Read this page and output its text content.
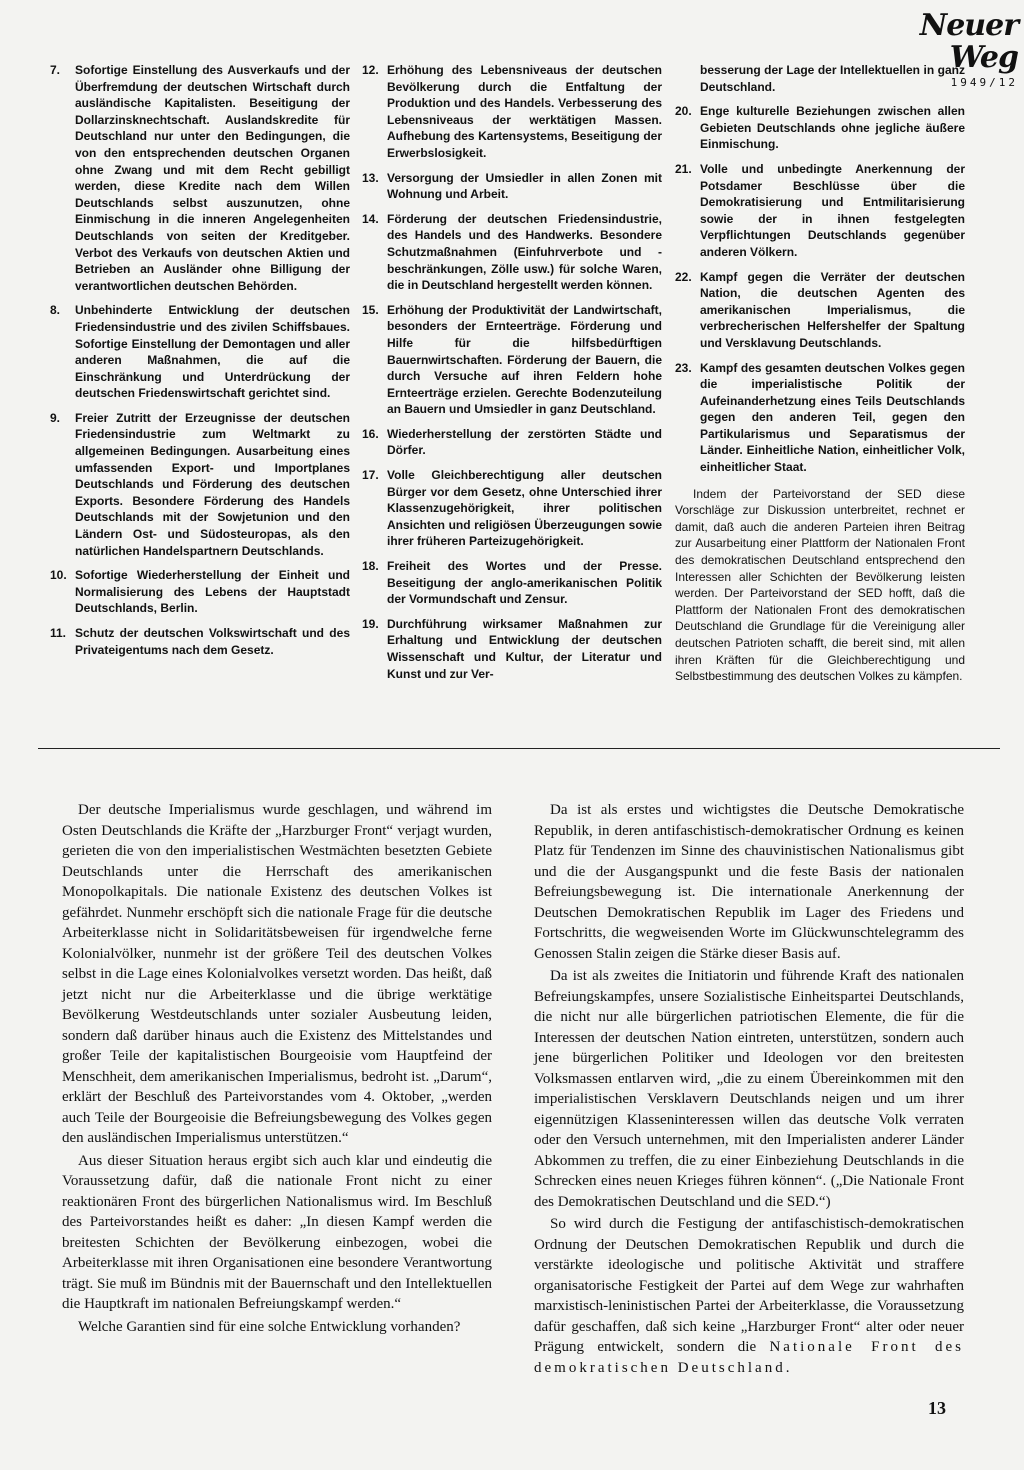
Neuer Weg
1949/12
7.	Sofortige Einstellung des Ausverkaufs und der Überfremdung der deutschen Wirtschaft durch ausländische Kapitalisten. Beseitigung der Dollarzinsknechtschaft. Auslandskredite für Deutschland nur unter den Bedingungen, die von den entsprechenden deutschen Organen ohne Zwang und mit dem Recht gebilligt werden, diese Kredite nach dem Willen Deutschlands selbst auszunutzen, ohne Einmischung in die inneren Angelegenheiten Deutschlands von seiten der Kreditgeber. Verbot des Verkaufs von deutschen Aktien und Betrieben an Ausländer ohne Billigung der verantwortlichen deutschen Behörden.
8.	Unbehinderte Entwicklung der deutschen Friedensindustrie und des zivilen Schiffsbaues. Sofortige Einstellung der Demontagen und aller anderen Maßnahmen, die auf die Einschränkung und Unterdrückung der deutschen Friedenswirtschaft gerichtet sind.
9.	Freier Zutritt der Erzeugnisse der deutschen Friedensindustrie zum Weltmarkt zu allgemeinen Bedingungen. Ausarbeitung eines umfassenden Export- und Importplanes Deutschlands und Förderung des deutschen Exports. Besondere Förderung des Handels Deutschlands mit der Sowjetunion und den Ländern Ost- und Südosteuropas, als den natürlichen Handelspartnern Deutschlands.
10. Sofortige Wiederherstellung der Einheit und Normalisierung des Lebens der Hauptstadt Deutschlands, Berlin.
11. Schutz der deutschen Volkswirtschaft und des Privateigentums nach dem Gesetz.
12. Erhöhung des Lebensniveaus der deutschen Bevölkerung durch die Entfaltung der Produktion und des Handels. Verbesserung des Lebensniveaus der werktätigen Massen. Aufhebung des Kartensystems, Beseitigung der Erwerbslosigkeit.
13. Versorgung der Umsiedler in allen Zonen mit Wohnung und Arbeit.
14. Förderung der deutschen Friedensindustrie, des Handels und des Handwerks. Besondere Schutzmaßnahmen (Einfuhrverbote und -beschränkungen, Zölle usw.) für solche Waren, die in Deutschland hergestellt werden können.
15. Erhöhung der Produktivität der Landwirtschaft, besonders der Ernteerträge. Förderung und Hilfe für die hilfsbedürftigen Bauernwirtschaften. Förderung der Bauern, die durch Versuche auf ihren Feldern hohe Ernteerträge erzielen. Gerechte Bodenzuteilung an Bauern und Umsiedler in ganz Deutschland.
16. Wiederherstellung der zerstörten Städte und Dörfer.
17. Volle Gleichberechtigung aller deutschen Bürger vor dem Gesetz, ohne Unterschied ihrer Klassenzugehörigkeit, ihrer politischen Ansichten und religiösen Überzeugungen sowie ihrer früheren Parteizugehörigkeit.
18. Freiheit des Wortes und der Presse. Beseitigung der anglo-amerikanischen Politik der Vormundschaft und Zensur.
19. Durchführung wirksamer Maßnahmen zur Erhaltung und Entwicklung der deutschen Wissenschaft und Kultur, der Literatur und Kunst und zur Ver-
besserung der Lage der Intellektuellen in ganz Deutschland.
20. Enge kulturelle Beziehungen zwischen allen Gebieten Deutschlands ohne jegliche äußere Einmischung.
21. Volle und unbedingte Anerkennung der Potsdamer Beschlüsse über die Demokratisierung und Entmilitarisierung sowie der in ihnen festgelegten Verpflichtungen Deutschlands gegenüber anderen Völkern.
22. Kampf gegen die Verräter der deutschen Nation, die deutschen Agenten des amerikanischen Imperialismus, die verbrecherischen Helfershelfer der Spaltung und Versklavung Deutschlands.
23. Kampf des gesamten deutschen Volkes gegen die imperialistische Politik der Aufeinanderhetzung eines Teils Deutschlands gegen den anderen Teil, gegen den Partikularismus und Separatismus der Länder. Einheitliche Nation, einheitlicher Volk, einheitlicher Staat.
Indem der Parteivorstand der SED diese Vorschläge zur Diskussion unterbreitet, rechnet er damit, daß auch die anderen Parteien ihren Beitrag zur Ausarbeitung einer Plattform der Nationalen Front des demokratischen Deutschland entsprechend den Interessen aller Schichten der Bevölkerung leisten werden. Der Parteivorstand der SED hofft, daß die Plattform der Nationalen Front des demokratischen Deutschland die Grundlage für die Vereinigung aller deutschen Patrioten schafft, die bereit sind, mit allen ihren Kräften für die Gleichberechtigung und Selbstbestimmung des deutschen Volkes zu kämpfen.

Der deutsche Imperialismus wurde geschlagen, und während im Osten Deutschlands die Kräfte der „Harzburger Front“ verjagt wurden, gerieten die von den imperialistischen Westmächten besetzten Gebiete Deutschlands unter die Herrschaft des amerikanischen Monopolkapitals. Die nationale Existenz des deutschen Volkes ist gefährdet. Nunmehr erschöpft sich die nationale Frage für die deutsche Arbeiterklasse nicht in Solidaritätsbeweisen für irgendwelche ferne Kolonialvölker, nunmehr ist der größere Teil des deutschen Volkes selbst in die Lage eines Kolonialvolkes versetzt worden. Das heißt, daß jetzt nicht nur die Arbeiterklasse und die übrige werktätige Bevölkerung Westdeutschlands unter sozialer Ausbeutung leiden, sondern daß darüber hinaus auch die Existenz des Mittelstandes und großer Teile der kapitalistischen Bourgeoisie vom Hauptfeind der Menschheit, dem amerikanischen Imperialismus, bedroht ist. „Darum“, erklärt der Beschluß des Parteivorstandes vom 4. Oktober, „werden auch Teile der Bourgeoisie die Befreiungsbewegung des Volkes gegen den ausländischen Imperialismus unterstützen.“

Aus dieser Situation heraus ergibt sich auch klar und eindeutig die Voraussetzung dafür, daß die nationale Front nicht zu einer reaktionären Front des bürgerlichen Nationalismus wird. Im Beschluß des Parteivorstandes heißt es daher: „In diesen Kampf werden die breitesten Schichten der Bevölkerung einbezogen, wobei die Arbeiterklasse mit ihren Organisationen eine besondere Verantwortung trägt. Sie muß im Bündnis mit der Bauernschaft und den Intellektuellen die Hauptkraft im nationalen Befreiungskampf werden.“

Welche Garantien sind für eine solche Entwicklung vorhanden?

Da ist als erstes und wichtigstes die Deutsche Demokratische Republik, in deren antifaschistisch-demokratischer Ordnung es keinen Platz für Tendenzen im Sinne des chauvinistischen Nationalismus gibt und die der Ausgangspunkt und die feste Basis der nationalen Befreiungsbewegung ist. Die internationale Anerkennung der Deutschen Demokratischen Republik im Lager des Friedens und Fortschritts, die wegweisenden Worte im Glückwunschtelegramm des Genossen Stalin zeigen die Stärke dieser Basis auf.

Da ist als zweites die Initiatorin und führende Kraft des nationalen Befreiungskampfes, unsere Sozialistische Einheitspartei Deutschlands, die nicht nur alle bürgerlichen patriotischen Elemente, die für die Interessen der deutschen Nation eintreten, unterstützen, sondern auch jene bürgerlichen Politiker und Ideologen vor den breitesten Volksmassen entlarven wird, „die zu einem Übereinkommen mit den imperialistischen Versklavern Deutschlands neigen und um ihrer eigennützigen Klasseninteressen willen das deutsche Volk verraten oder den Versuch unternehmen, mit den Imperialisten anderer Länder Abkommen zu treffen, die zu einer Einbeziehung Deutschlands in die Schrecken eines neuen Krieges führen können“. („Die Nationale Front des Demokratischen Deutschland und die SED.“)

So wird durch die Festigung der antifaschistisch-demokratischen Ordnung der Deutschen Demokratischen Republik und durch die verstärkte ideologische und politische Aktivität und straffere organisatorische Festigkeit der Partei auf dem Wege zur wahrhaften marxistisch-leninistischen Partei der Arbeiterklasse, die Voraussetzung dafür geschaffen, daß sich keine „Harzburger Front“ alter oder neuer Prägung entwickelt, sondern die Nationale Front des demokratischen Deutschland.

13
